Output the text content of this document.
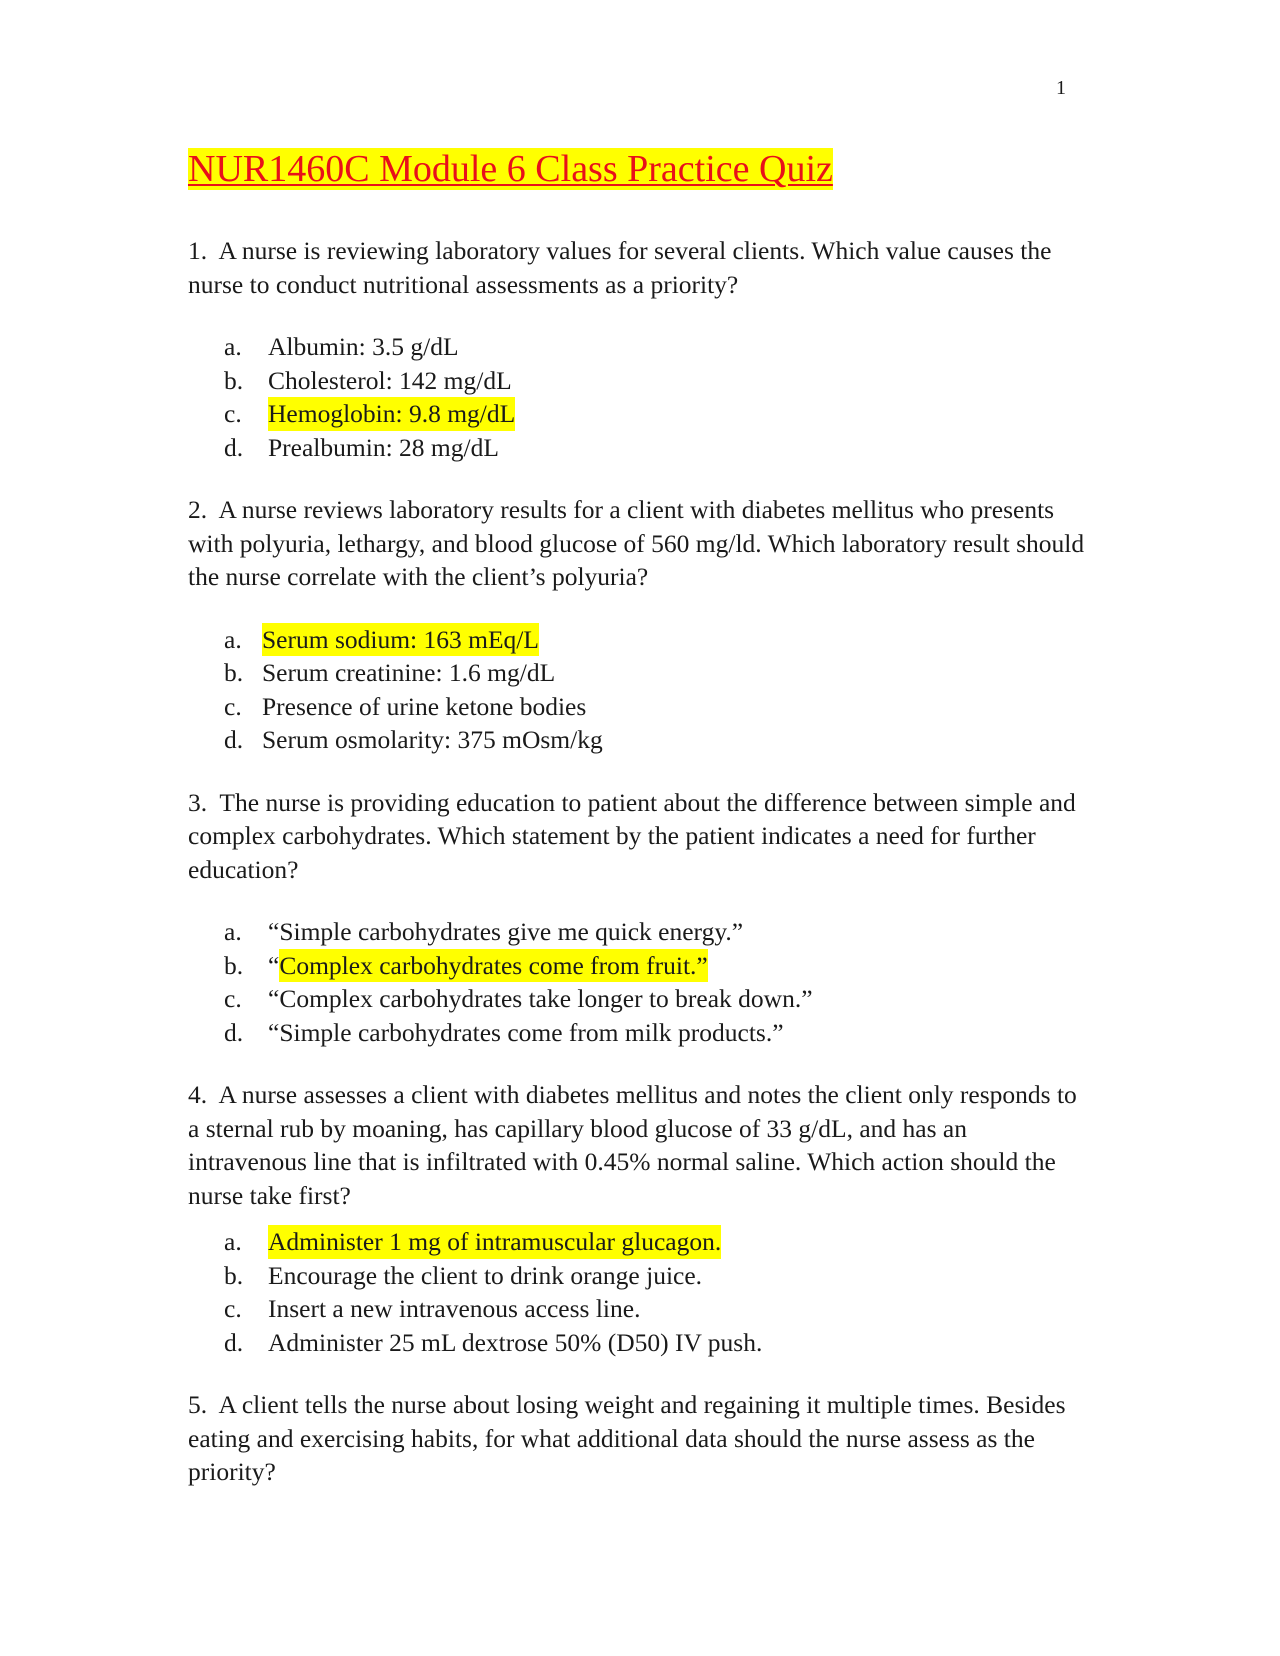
1
NUR1460C Module 6 Class Practice Quiz

1. A nurse is reviewing laboratory values for several clients. Which value causes the nurse to conduct nutritional assessments as a priority?

a.	Albumin: 3.5 g/dL
b. Cholesterol: 142 mg/dL
c.	Hemoglobin: 9.8 mg/dL
d. Prealbumin: 28 mg/dL

2. A nurse reviews laboratory results for a client with diabetes mellitus who presents with polyuria, lethargy, and blood glucose of 560 mg/ld. Which laboratory result should the nurse correlate with the client’s polyuria?

a. Serum sodium: 163 mEq/L
b. Serum creatinine: 1.6 mg/dL
c. Presence of urine ketone bodies
d. Serum osmolarity: 375 mOsm/kg

3. The nurse is providing education to patient about the difference between simple and complex carbohydrates. Which statement by the patient indicates a need for further education?

a.	“Simple carbohydrates give me quick energy.”
b. “ Complex carbohydrates come from fruit.”
c.	“Complex carbohydrates take longer to break down.”
d. “Simple carbohydrates come from milk products.”

4. A nurse assesses a client with diabetes mellitus and notes the client only responds to a sternal rub by moaning, has capillary blood glucose of 33 g/dL, and has an intravenous line that is infiltrated with 0.45% normal saline. Which action should the nurse take first?

a.	Administer 1 mg of intramuscular glucagon.
b. Encourage the client to drink orange juice.
c.	Insert a new intravenous access line.
d. Administer 25 mL dextrose 50% (D50) IV push.

5. A client tells the nurse about losing weight and regaining it multiple times. Besides eating and exercising habits, for what additional data should the nurse assess as the priority?
